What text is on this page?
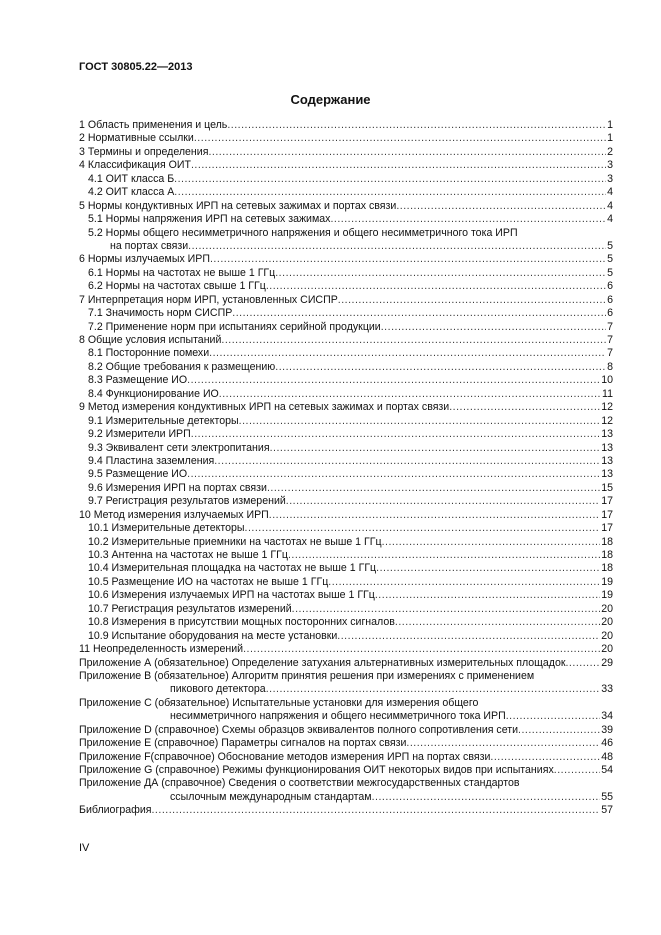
ГОСТ 30805.22—2013
Содержание
1 Область применения и цель .....	1
2 Нормативные ссылки .....	1
3 Термины и определения .....	2
4 Классификация ОИТ .....	3
4.1 ОИТ класса Б .....	3
4.2 ОИТ класса А .....	4
5 Нормы кондуктивных ИРП на сетевых зажимах и портах связи .....	4
5.1 Нормы напряжения ИРП на сетевых зажимах .....	4
5.2 Нормы общего несимметричного напряжения и общего несимметричного тока ИРП
на портах связи .....	5
6 Нормы излучаемых ИРП .....	5
6.1 Нормы на частотах не выше 1 ГГц .....	5
6.2 Нормы на частотах свыше 1 ГГц .....	6
7 Интерпретация норм ИРП, установленных СИСПР .....	6
7.1 Значимость норм СИСПР .....	6
7.2 Применение норм при испытаниях серийной продукции .....	7
8 Общие условия испытаний .....	7
8.1 Посторонние помехи .....	7
8.2 Общие требования к размещению .....	8
8.3 Размещение ИО .....	10
8.4 Функционирование ИО .....	11
9 Метод измерения кондуктивных ИРП на сетевых зажимах и портах связи .....	12
9.1 Измерительные детекторы .....	12
9.2 Измерители ИРП .....	13
9.3 Эквивалент сети электропитания .....	13
9.4 Пластина заземления .....	13
9.5 Размещение ИО .....	13
9.6 Измерения ИРП на портах связи .....	15
9.7 Регистрация результатов измерений .....	17
10 Метод измерения излучаемых ИРП .....	17
10.1 Измерительные детекторы .....	17
10.2 Измерительные приемники на частотах не выше 1 ГГц .....	18
10.3 Антенна на частотах не выше 1 ГГц .....	18
10.4 Измерительная площадка на частотах не выше 1 ГГц .....	18
10.5 Размещение ИО на частотах не выше 1 ГГц .....	19
10.6 Измерения излучаемых ИРП на частотах выше 1 ГГц .....	19
10.7 Регистрация результатов измерений .....	20
10.8 Измерения в присутствии мощных посторонних сигналов .....	20
10.9 Испытание оборудования на месте установки .....	20
11 Неопределенность измерений .....	20
Приложение А (обязательное) Определение затухания альтернативных измерительных площадок .....	29
Приложение В (обязательное) Алгоритм принятия решения при измерениях с применением
пикового детектора .....	33
Приложение С (обязательное) Испытательные установки для измерения общего
несимметричного напряжения и общего несимметричного тока ИРП .....	34
Приложение D (справочное) Схемы образцов эквивалентов полного сопротивления сети .....	39
Приложение Е (справочное) Параметры сигналов на портах связи .....	46
Приложение F(справочное) Обоснование методов измерения ИРП на портах связи .....	48
Приложение G (справочное) Режимы функционирования ОИТ некоторых видов при испытаниях .....	54
Приложение ДА (справочное) Сведения о соответствии межгосударственных стандартов
ссылочным международным стандартам .....	55
Библиография .....	57
IV
